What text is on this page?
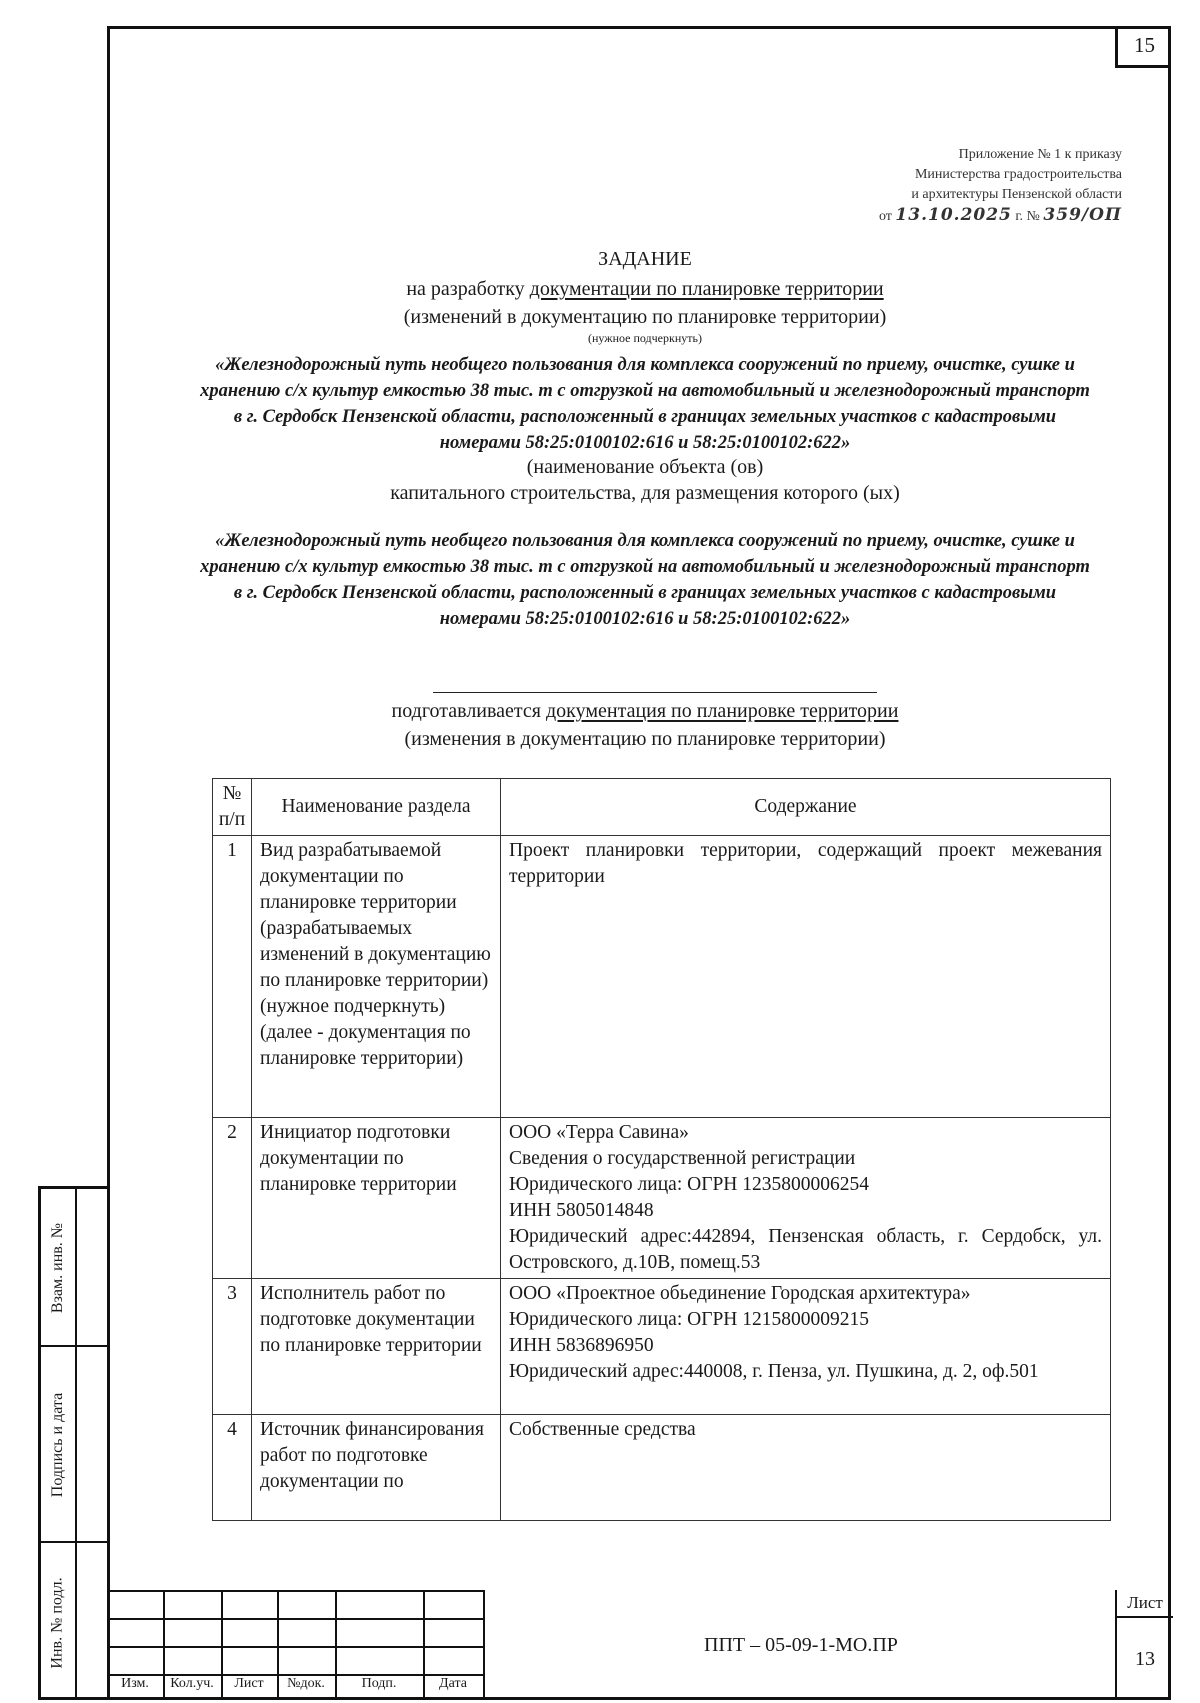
15
Взам. инв. №
Подпись и дата
Инв. № подл.
Приложение № 1 к приказу
Министерства градостроительства
и архитектуры Пензенской области
от 13.10.2025 г. № 359/ОП
ЗАДАНИЕ
на разработку документации по планировке территории
(изменений в документацию по планировке территории)
(нужное подчеркнуть)
«Железнодорожный путь необщего пользования для комплекса сооружений по приему, очистке, сушке и хранению с/х культур емкостью 38 тыс. т с отгрузкой на автомобильный и железнодорожный транспорт в г. Сердобск Пензенской области, расположенный в границах земельных участков с кадастровыми номерами 58:25:0100102:616 и 58:25:0100102:622»
(наименование объекта (ов)
капитального строительства, для размещения которого (ых)
«Железнодорожный путь необщего пользования для комплекса сооружений по приему, очистке, сушке и хранению с/х культур емкостью 38 тыс. т с отгрузкой на автомобильный и железнодорожный транспорт в г. Сердобск Пензенской области, расположенный в границах земельных участков с кадастровыми номерами 58:25:0100102:616 и 58:25:0100102:622»
подготавливается документация по планировке территории
(изменения в документацию по планировке территории)
№ п/п	Наименование раздела	Содержание
1	Вид разрабатываемой документации по планировке территории (разрабатываемых изменений в документацию по планировке территории) (нужное подчеркнуть) (далее - документация по планировке территории)	Проект планировки территории, содержащий проект межевания территории

2	Инициатор подготовки документации по планировке территории	ООО «Терра Савина»
Сведения о государственной регистрации
Юридического лица: ОГРН 1235800006254
ИНН 5805014848
Юридический адрес:442894, Пензенская область, г. Сердобск, ул. Островского, д.10В, помещ.53

3	Исполнитель работ по подготовке документации по планировке территории	ООО «Проектное обьединение Городская архитектура»
Юридического лица: ОГРН 1215800009215
ИНН 5836896950
Юридический адрес:440008, г. Пенза, ул. Пушкина, д. 2, оф.501

4	Источник финансирования работ по подготовке документации по	Собственные средства
Изм.	Кол.уч.	Лист	№док.	Подп.	Дата
ППТ – 05-09-1-МО.ПР
Лист
13
